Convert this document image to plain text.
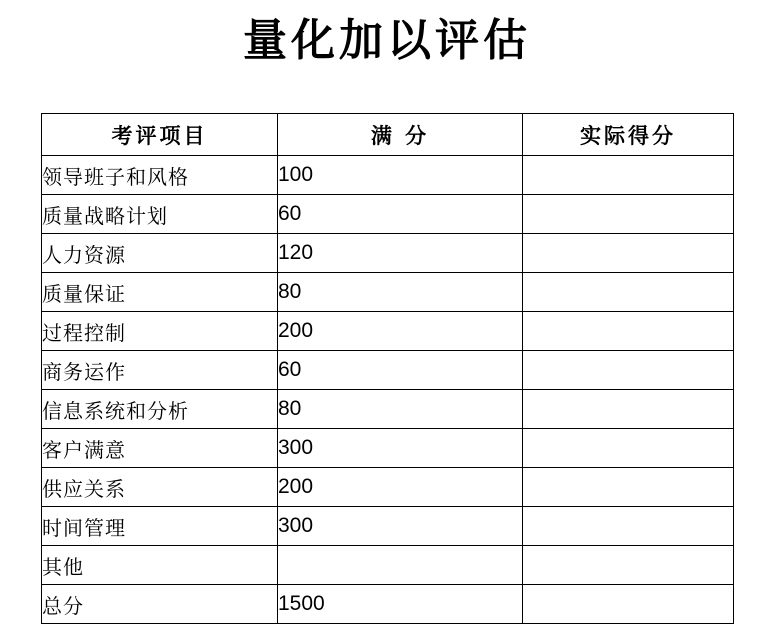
量化加以评估
考评项目	满 分	实际得分
领导班子和风格	100	
质量战略计划	60	
人力资源	120	
质量保证	80	
过程控制	200	
商务运作	60	
信息系统和分析	80	
客户满意	300	
供应关系	200	
时间管理	300	
其他		
总分	1500	
